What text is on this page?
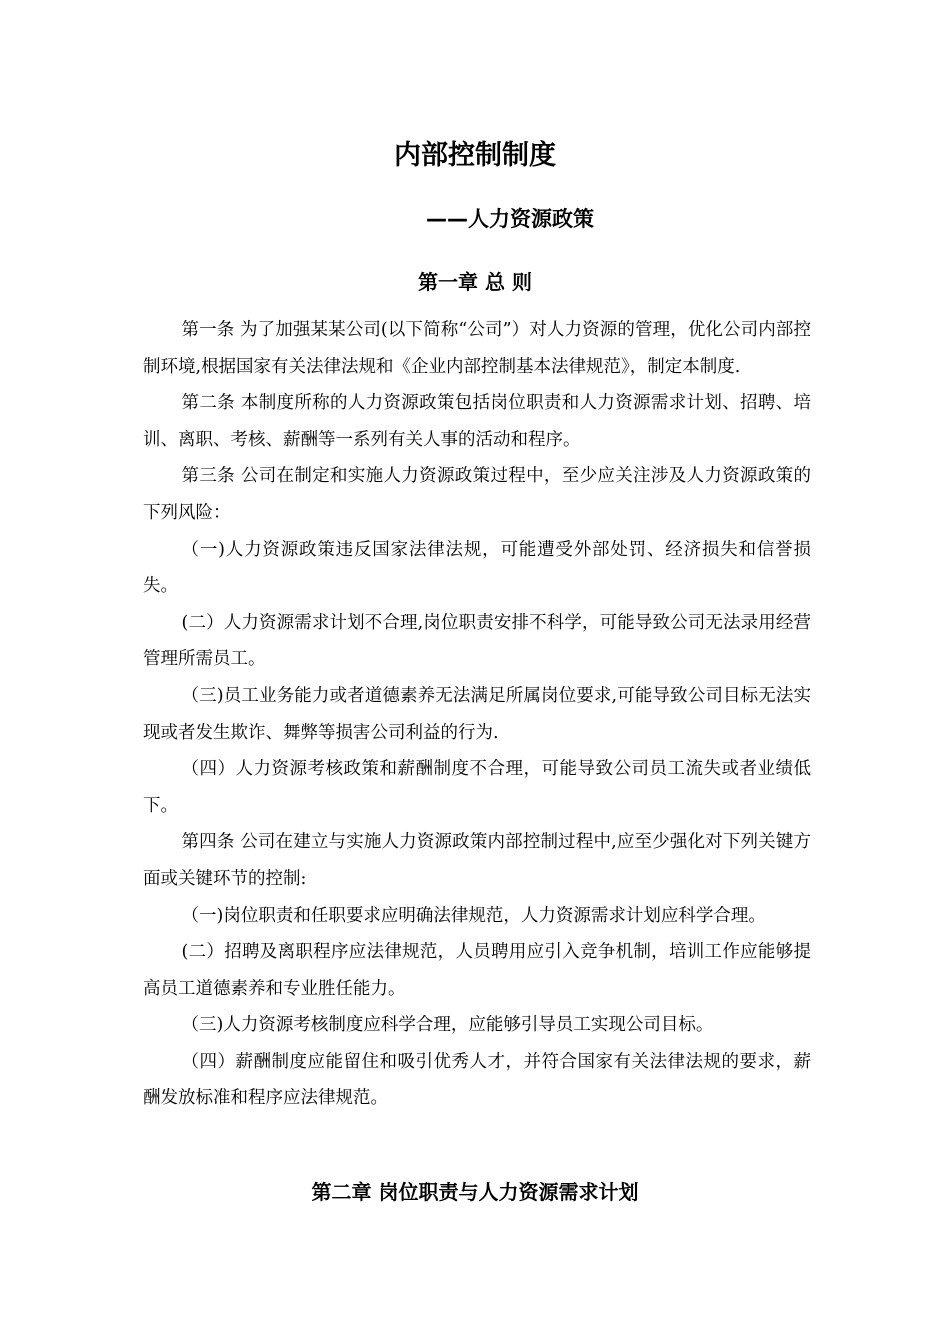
内部控制制度
——人力资源政策
第一章 总 则

第一条 为了加强某某公司(以下简称“公司”）对人力资源的管理，优化公司内部控制环境,根据国家有关法律法规和《企业内部控制基本法律规范》，制定本制度.

第二条 本制度所称的人力资源政策包括岗位职责和人力资源需求计划、招聘、培训、离职、考核、薪酬等一系列有关人事的活动和程序。

第三条 公司在制定和实施人力资源政策过程中，至少应关注涉及人力资源政策的下列风险：

（一)人力资源政策违反国家法律法规，可能遭受外部处罚、经济损失和信誉损失。

(二）人力资源需求计划不合理,岗位职责安排不科学，可能导致公司无法录用经营管理所需员工。

（三)员工业务能力或者道德素养无法满足所属岗位要求,可能导致公司目标无法实现或者发生欺诈、舞弊等损害公司利益的行为.

（四）人力资源考核政策和薪酬制度不合理，可能导致公司员工流失或者业绩低下。

第四条 公司在建立与实施人力资源政策内部控制过程中,应至少强化对下列关键方面或关键环节的控制:

（一)岗位职责和任职要求应明确法律规范，人力资源需求计划应科学合理。

(二）招聘及离职程序应法律规范，人员聘用应引入竞争机制，培训工作应能够提高员工道德素养和专业胜任能力。

（三)人力资源考核制度应科学合理，应能够引导员工实现公司目标。

（四）薪酬制度应能留住和吸引优秀人才，并符合国家有关法律法规的要求，薪酬发放标准和程序应法律规范。

第二章 岗位职责与人力资源需求计划
